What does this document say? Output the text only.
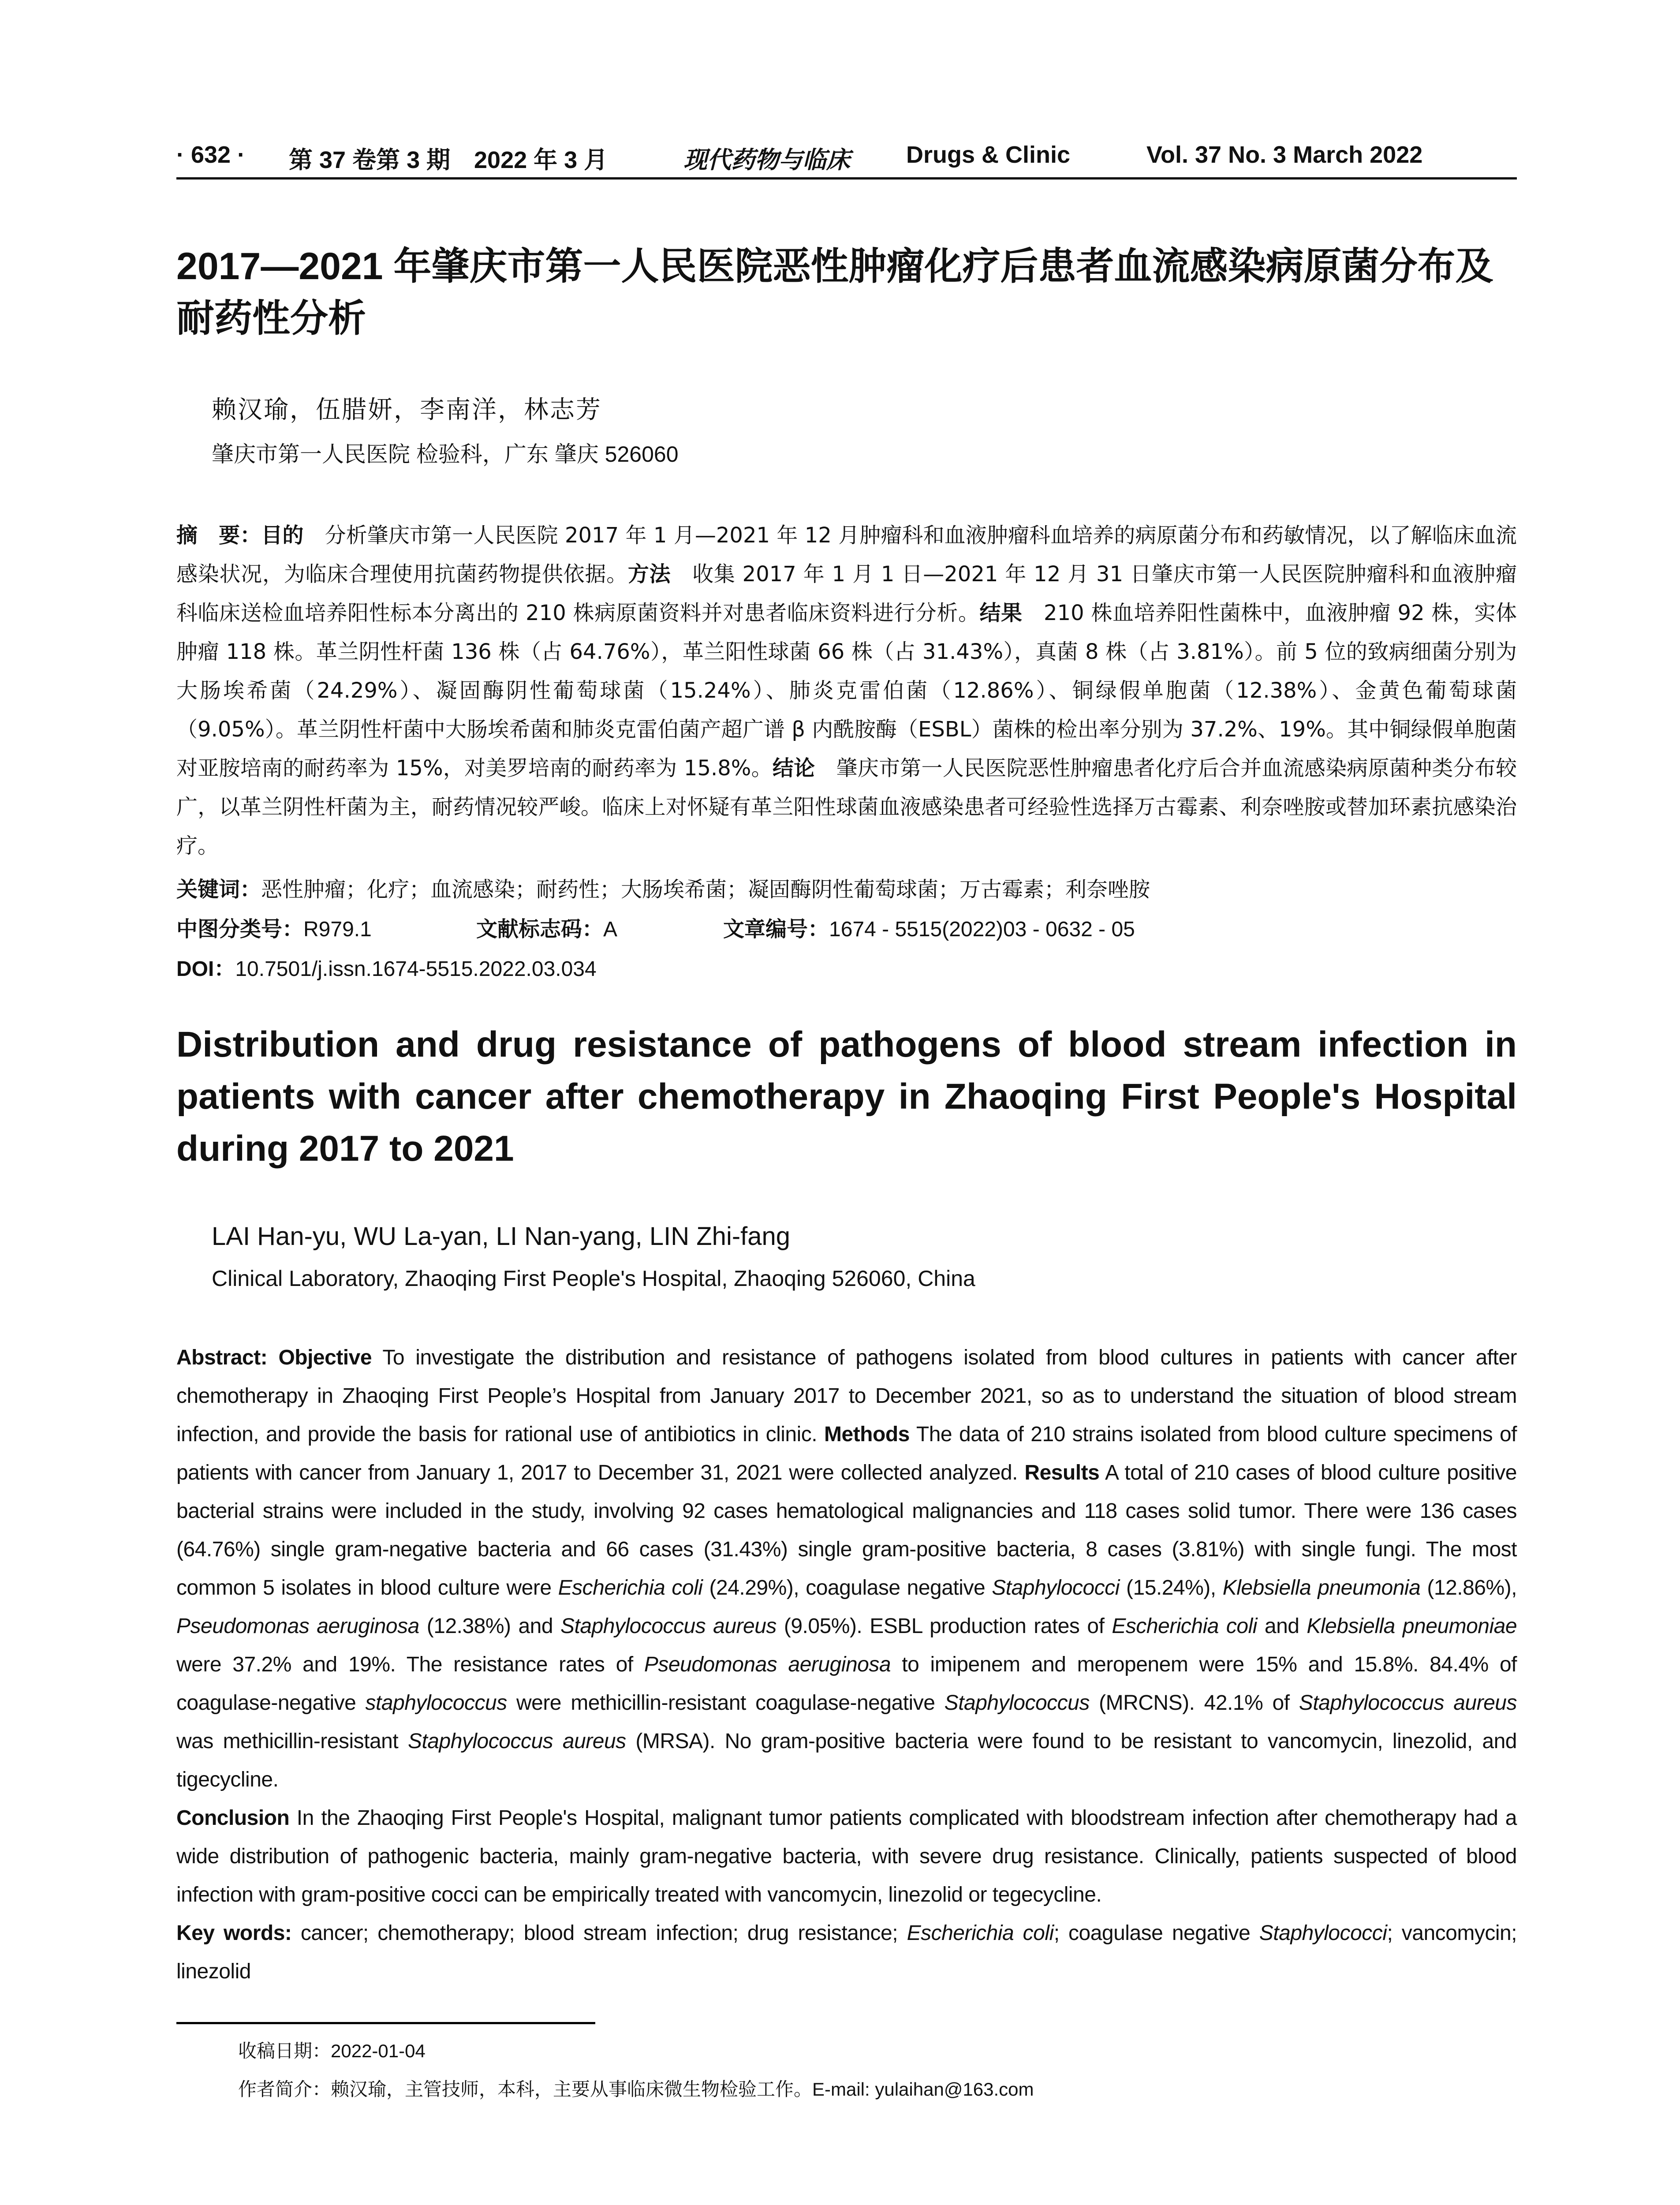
· 632 · 第 37 卷第 3 期 2022 年 3 月	现代药物与临床 Drugs & Clinic	Vol. 37 No. 3 March 2022
2017—2021 年肇庆市第一人民医院恶性肿瘤化疗后患者血流感染病原菌分布及耐药性分析
赖汉瑜，伍腊妍，李南洋，林志芳
肇庆市第一人民医院 检验科，广东 肇庆 526060
摘　要：目的　分析肇庆市第一人民医院 2017 年 1 月—2021 年 12 月肿瘤科和血液肿瘤科血培养的病原菌分布和药敏情况，以了解临床血流感染状况，为临床合理使用抗菌药物提供依据。方法　收集 2017 年 1 月 1 日—2021 年 12 月 31 日肇庆市第一人民医院肿瘤科和血液肿瘤科临床送检血培养阳性标本分离出的 210 株病原菌资料并对患者临床资料进行分析。结果　210 株血培养阳性菌株中，血液肿瘤 92 株，实体肿瘤 118 株。革兰阴性杆菌 136 株（占 64.76%），革兰阳性球菌 66 株（占 31.43%），真菌 8 株（占 3.81%）。前 5 位的致病细菌分别为大肠埃希菌（24.29%）、凝固酶阴性葡萄球菌（15.24%）、肺炎克雷伯菌（12.86%）、铜绿假单胞菌（12.38%）、金黄色葡萄球菌（9.05%）。革兰阴性杆菌中大肠埃希菌和肺炎克雷伯菌产超广谱 β 内酰胺酶（ESBL）菌株的检出率分别为 37.2%、19%。其中铜绿假单胞菌对亚胺培南的耐药率为 15%，对美罗培南的耐药率为 15.8%。结论　肇庆市第一人民医院恶性肿瘤患者化疗后合并血流感染病原菌种类分布较广，以革兰阴性杆菌为主，耐药情况较严峻。临床上对怀疑有革兰阳性球菌血液感染患者可经验性选择万古霉素、利奈唑胺或替加环素抗感染治疗。
关键词：恶性肿瘤；化疗；血流感染；耐药性；大肠埃希菌；凝固酶阴性葡萄球菌；万古霉素；利奈唑胺
中图分类号：R979.1	文献标志码：A	文章编号：1674 - 5515(2022)03 - 0632 - 05
DOI：10.7501/j.issn.1674-5515.2022.03.034
Distribution and drug resistance of pathogens of blood stream infection in patients with cancer after chemotherapy in Zhaoqing First People's Hospital during 2017 to 2021
LAI Han-yu, WU La-yan, LI Nan-yang, LIN Zhi-fang
Clinical Laboratory, Zhaoqing First People's Hospital, Zhaoqing 526060, China
Abstract: Objective To investigate the distribution and resistance of pathogens isolated from blood cultures in patients with cancer after chemotherapy in Zhaoqing First People’s Hospital from January 2017 to December 2021, so as to understand the situation of blood stream infection, and provide the basis for rational use of antibiotics in clinic. Methods The data of 210 strains isolated from blood culture specimens of patients with cancer from January 1, 2017 to December 31, 2021 were collected analyzed. Results A total of 210 cases of blood culture positive bacterial strains were included in the study, involving 92 cases hematological malignancies and 118 cases solid tumor. There were 136 cases (64.76%) single gram-negative bacteria and 66 cases (31.43%) single gram-positive bacteria, 8 cases (3.81%) with single fungi. The most common 5 isolates in blood culture were Escherichia coli (24.29%), coagulase negative Staphylococci (15.24%), Klebsiella pneumonia (12.86%), Pseudomonas aeruginosa (12.38%) and Staphylococcus aureus (9.05%). ESBL production rates of Escherichia coli and Klebsiella pneumoniae were 37.2% and 19%. The resistance rates of Pseudomonas aeruginosa to imipenem and meropenem were 15% and 15.8%. 84.4% of coagulase-negative staphylococcus were methicillin-resistant coagulase-negative Staphylococcus (MRCNS). 42.1% of Staphylococcus aureus was methicillin-resistant Staphylococcus aureus (MRSA). No gram-positive bacteria were found to be resistant to vancomycin, linezolid, and tigecycline.
Conclusion In the Zhaoqing First People's Hospital, malignant tumor patients complicated with bloodstream infection after chemotherapy had a wide distribution of pathogenic bacteria, mainly gram-negative bacteria, with severe drug resistance. Clinically, patients suspected of blood infection with gram-positive cocci can be empirically treated with vancomycin, linezolid or tegecycline.
Key words: cancer; chemotherapy; blood stream infection; drug resistance; Escherichia coli; coagulase negative Staphylococci; vancomycin; linezolid
收稿日期：2022-01-04
作者简介：赖汉瑜，主管技师，本科，主要从事临床微生物检验工作。E-mail: yulaihan@163.com
